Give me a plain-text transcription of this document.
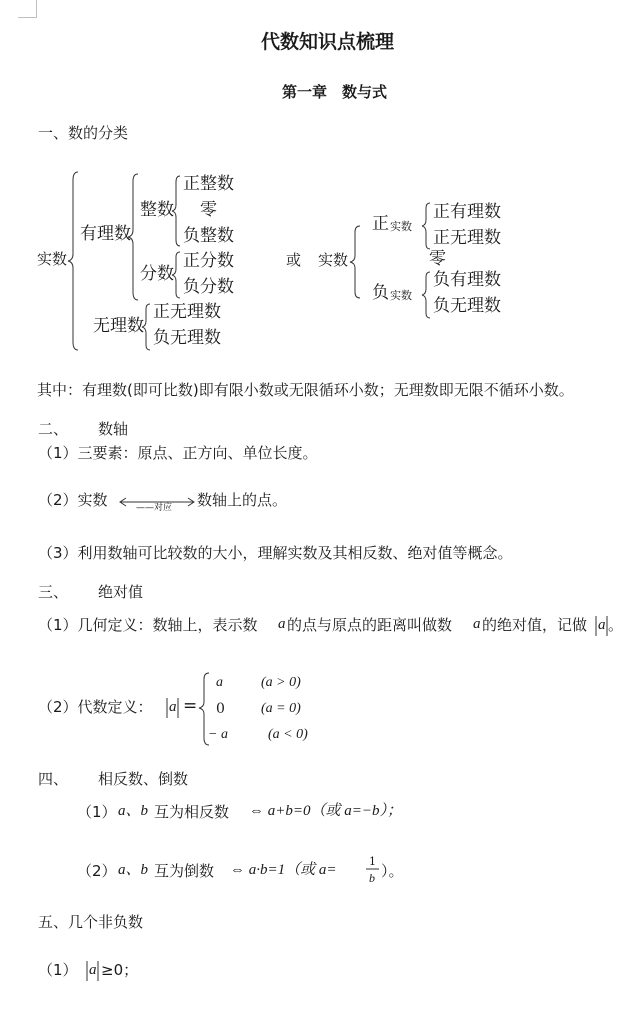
代数知识点梳理
第一章　数与式
一、数的分类
实数
有理数
整数
正整数
零
负整数
分数
正分数
负分数
无理数
正无理数
负无理数
或 实数
正 实数
正有理数
正无理数
零
负 实数
负有理数
负无理数
其中：有理数(即可比数)即有限小数或无限循环小数；无理数即无限不循环小数。
二、 数轴
（1）三要素：原点、正方向、单位长度。
（2）实数	——对应 数轴上的点。
（3）利用数轴可比较数的大小，理解实数及其相反数、绝对值等概念。
三、 绝对值
（1）几何定义：数轴上，表示数 a 的点与原点的距离叫做数 a 的绝对值，记做 a 。
（2）代数定义： a =
a	(a > 0)
0	(a = 0)
− a	(a < 0)
四、 相反数、倒数
（1） a、b 互为相反数 ⇔ a+b=0（或 a=−b）；
（2） a、b 互为倒数 ⇔ a·b=1（或 a=
1
b ）。
五、几个非负数
（1） a ≥0；
